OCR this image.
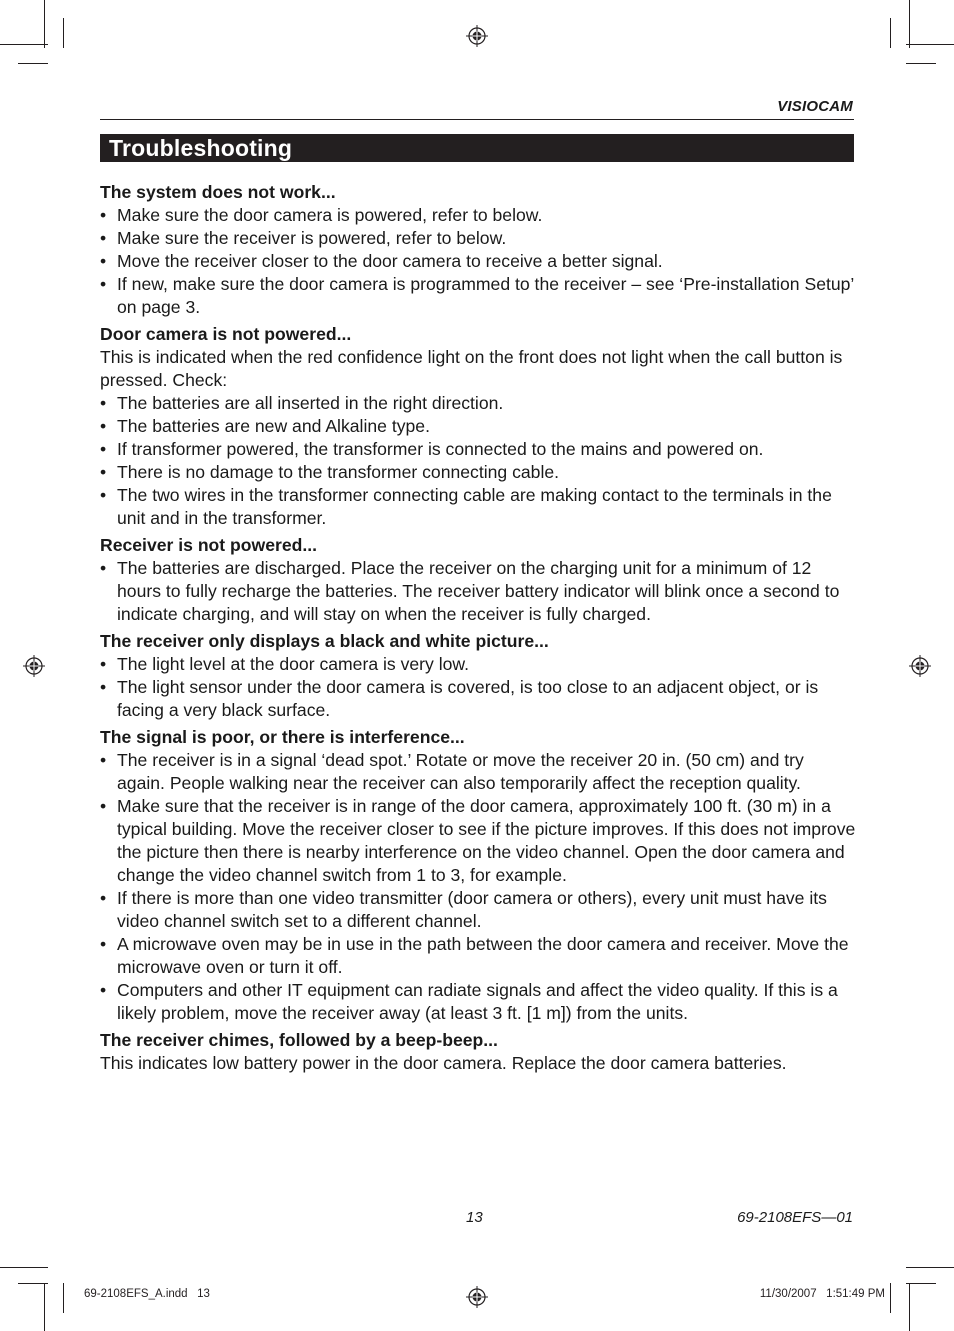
VISIOCAM
Troubleshooting
The system does not work...
• Make sure the door camera is powered, refer to below.
• Make sure the receiver is powered, refer to below.
• Move the receiver closer to the door camera to receive a better signal.
• If new, make sure the door camera is programmed to the receiver – see ‘Pre-installation Setup’ on page 3.
Door camera is not powered...
This is indicated when the red confidence light on the front does not light when the call button is pressed. Check:
• The batteries are all inserted in the right direction.
• The batteries are new and Alkaline type.
• If transformer powered, the transformer is connected to the mains and powered on.
• There is no damage to the transformer connecting cable.
• The two wires in the transformer connecting cable are making contact to the terminals in the unit and in the transformer.
Receiver is not powered...
• The batteries are discharged. Place the receiver on the charging unit for a minimum of 12 hours to fully recharge the batteries. The receiver battery indicator will blink once a second to indicate charging, and will stay on when the receiver is fully charged.
The receiver only displays a black and white picture...
• The light level at the door camera is very low.
• The light sensor under the door camera is covered, is too close to an adjacent object, or is facing a very black surface.
The signal is poor, or there is interference...
• The receiver is in a signal ‘dead spot.’ Rotate or move the receiver 20 in. (50 cm) and try again. People walking near the receiver can also temporarily affect the reception quality.
• Make sure that the receiver is in range of the door camera, approximately 100 ft. (30 m) in a typical building. Move the receiver closer to see if the picture improves. If this does not improve the picture then there is nearby interference on the video channel. Open the door camera and change the video channel switch from 1 to 3, for example.
• If there is more than one video transmitter (door camera or others), every unit must have its video channel switch set to a different channel.
• A microwave oven may be in use in the path between the door camera and receiver. Move the microwave oven or turn it off.
• Computers and other IT equipment can radiate signals and affect the video quality. If this is a likely problem, move the receiver away (at least 3 ft. [1 m]) from the units.
The receiver chimes, followed by a beep-beep...
This indicates low battery power in the door camera. Replace the door camera batteries.
13	69-2108EFS—01
69-2108EFS_A.indd   13	11/30/2007   1:51:49 PM
